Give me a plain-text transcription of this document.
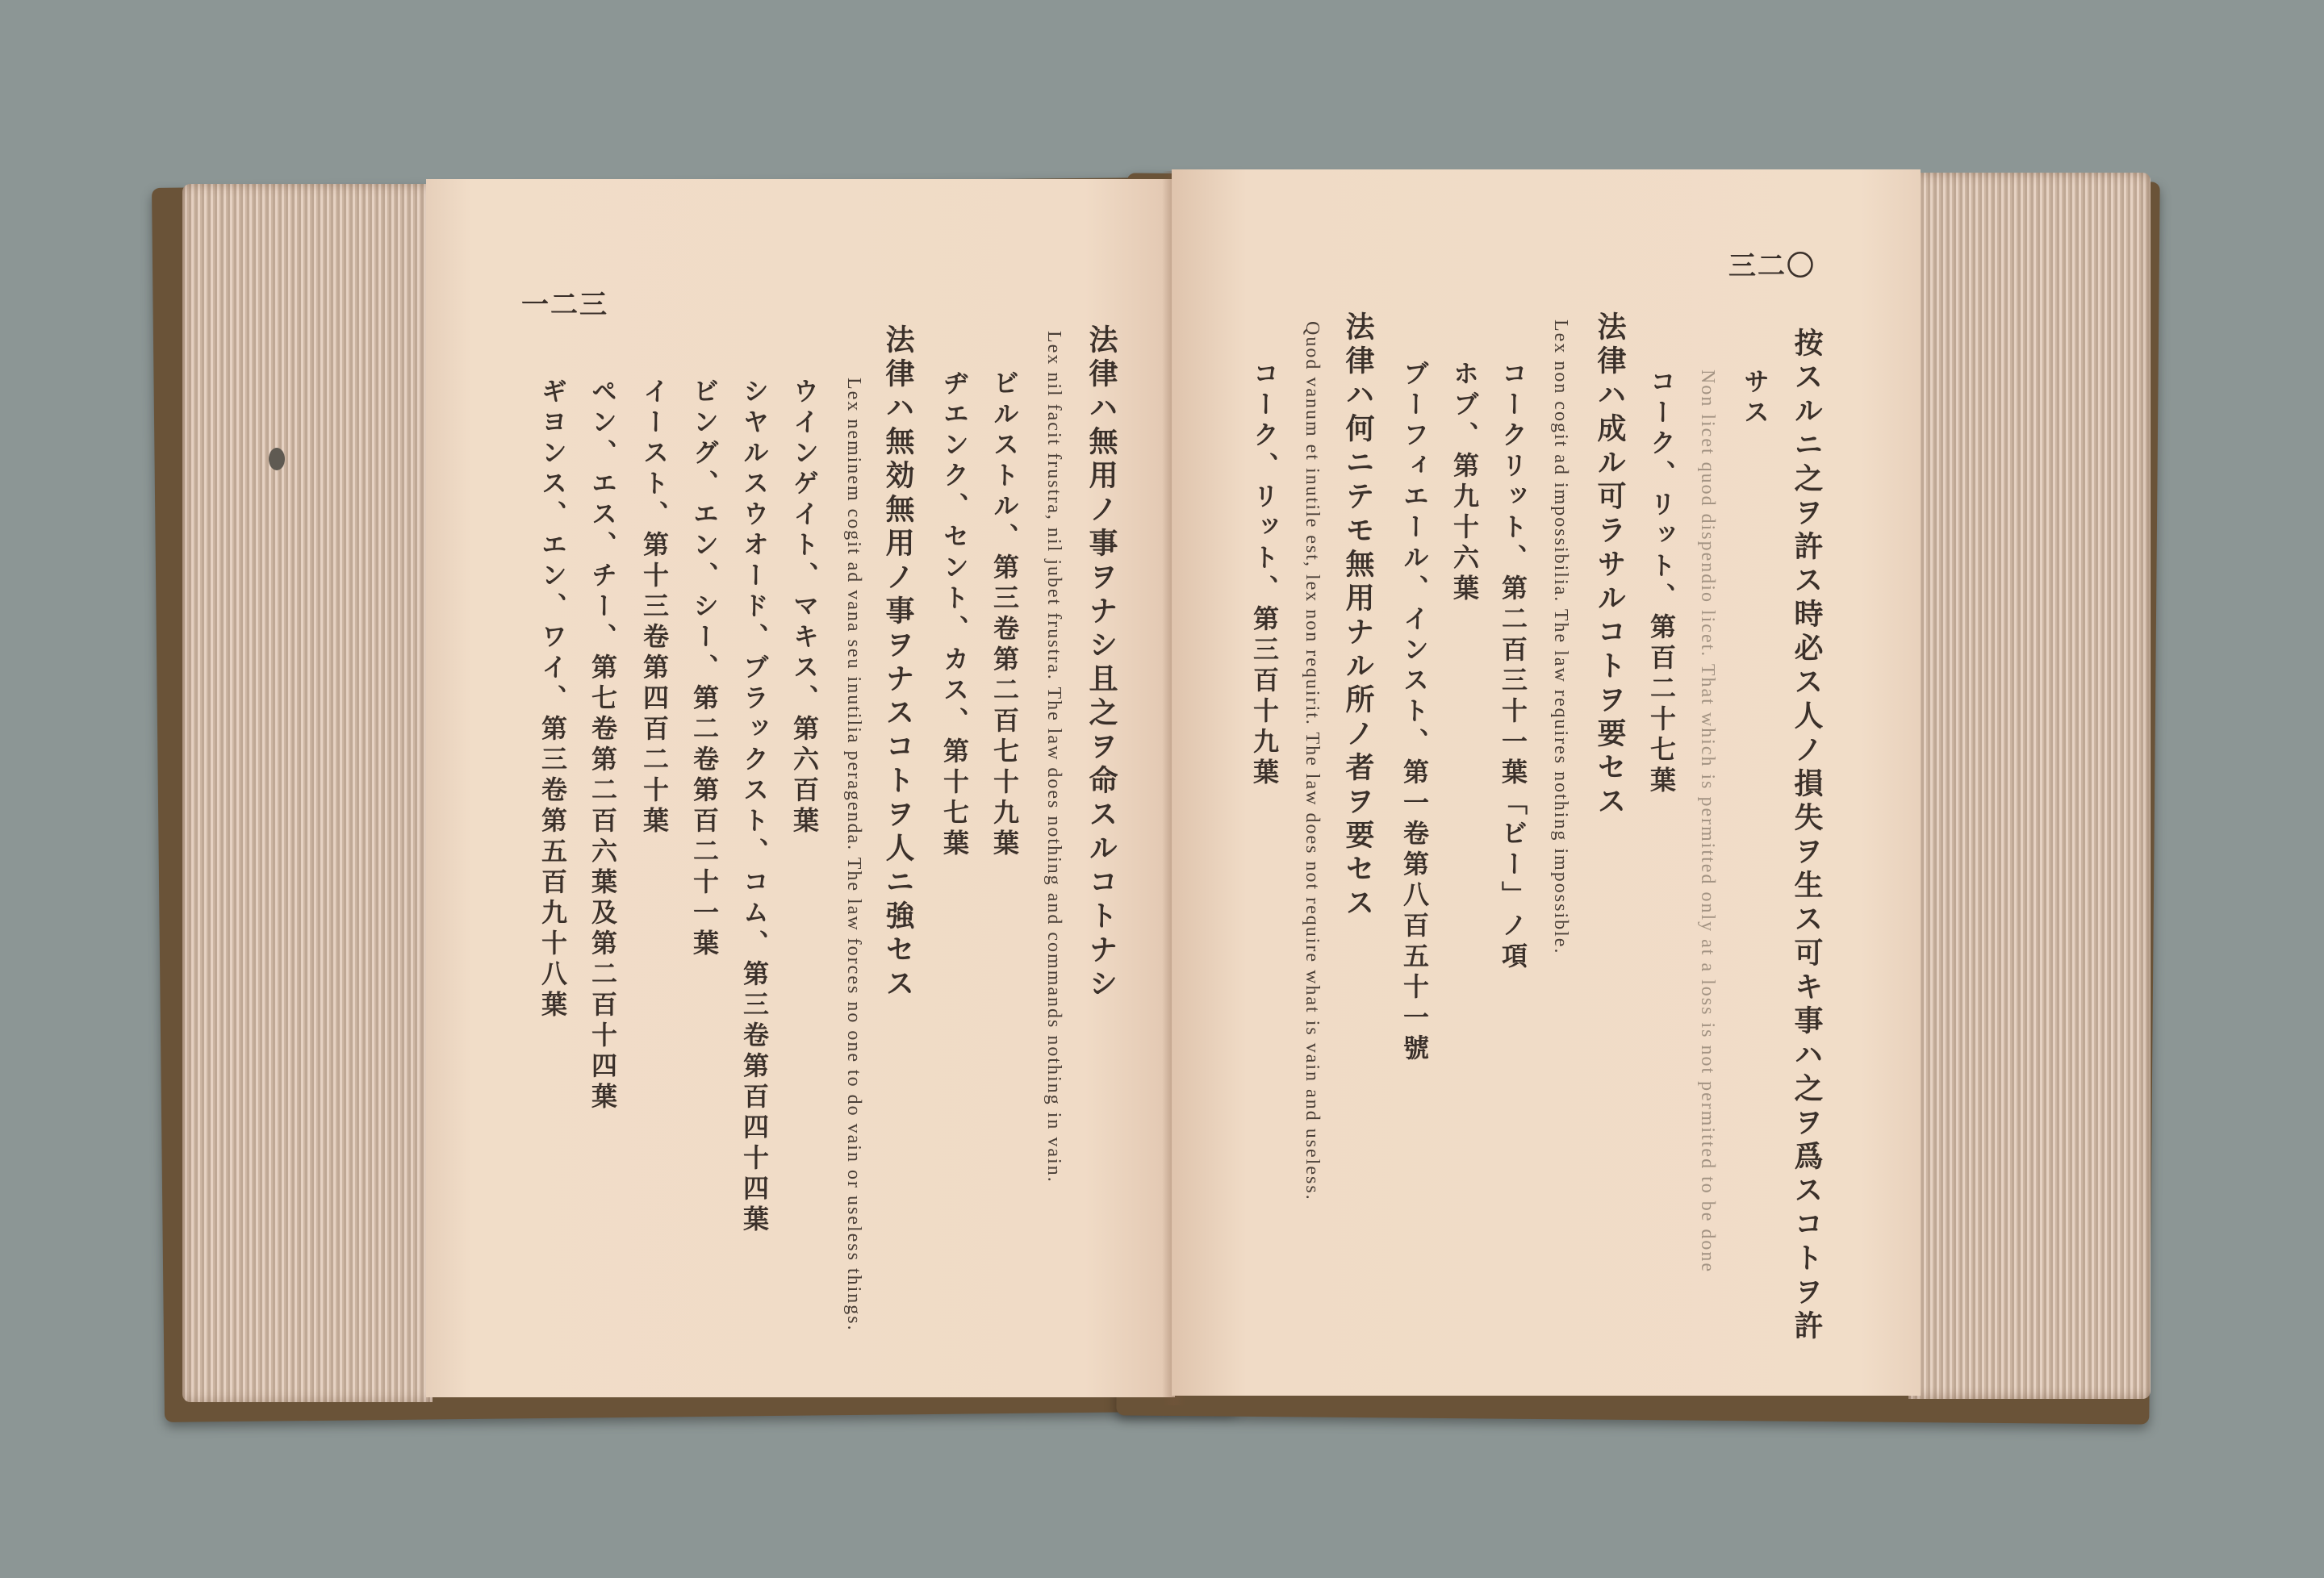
一二三
法律ハ無用ノ事ヲナシ且之ヲ命スルコトナシ
Lex nil facit frustra, nil jubet frustra. The law does nothing and commands nothing in vain.
ビルストル、第三卷第二百七十九葉
ヂエンク、セント、カス、第十七葉
法律ハ無効無用ノ事ヲナスコトヲ人ニ強セス
Lex neminem cogit ad vana seu inutilia peragenda. The law forces no one to do vain or useless things.
ウインゲイト、マキス、第六百葉
シヤルスウオード、ブラックスト、コム、第三卷第百四十四葉
ビング、エン、シー、第二卷第百二十一葉
イースト、第十三卷第四百二十葉
ペン、エス、チー、第七卷第二百六葉及第二百十四葉
ギヨンス、エン、ワイ、第三卷第五百九十八葉
三二〇
按スルニ之ヲ許ス時必ス人ノ損失ヲ生ス可キ事ハ之ヲ爲スコトヲ許
サス
Non licet quod dispendio licet. That which is permitted only at a loss is not permitted to be done
コーク、リット、第百二十七葉
法律ハ成ル可ラサルコトヲ要セス
Lex non cogit ad impossibilia. The law requires nothing impossible.
コークリット、第二百三十一葉「ビー」ノ項
ホブ、第九十六葉
ブーフィエール、インスト、第一卷第八百五十一號
法律ハ何ニテモ無用ナル所ノ者ヲ要セス
Quod vanum et inutile est, lex non requirit. The law does not require what is vain and useless.
コーク、リット、第三百十九葉
